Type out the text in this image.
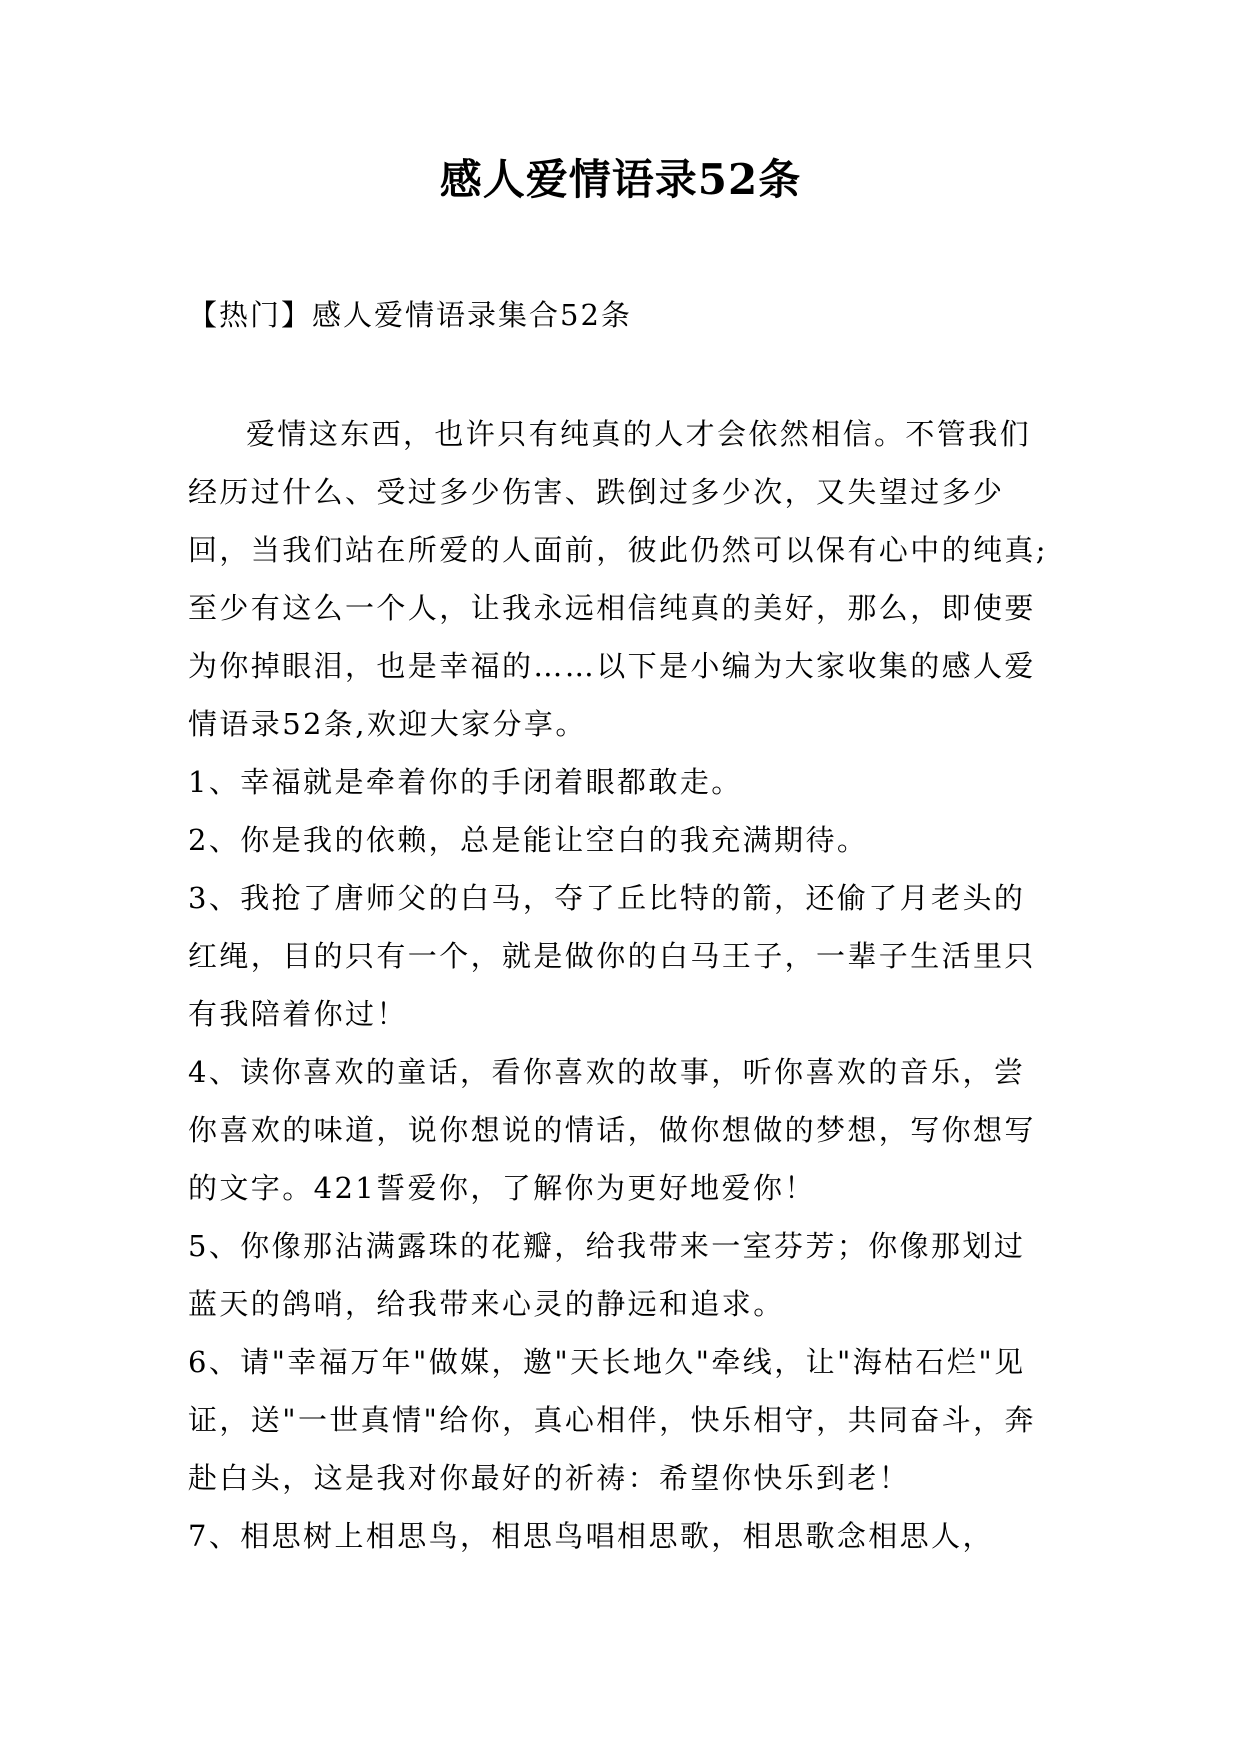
感人爱情语录52条

【热门】感人爱情语录集合52条

爱情这东西，也许只有纯真的人才会依然相信。不管我们经历过什么、受过多少伤害、跌倒过多少次，又失望过多少回，当我们站在所爱的人面前，彼此仍然可以保有心中的纯真;至少有这么一个人，让我永远相信纯真的美好，那么，即使要为你掉眼泪，也是幸福的……以下是小编为大家收集的感人爱情语录52条,欢迎大家分享。

1、幸福就是牵着你的手闭着眼都敢走。

2、你是我的依赖，总是能让空白的我充满期待。

3、我抢了唐师父的白马，夺了丘比特的箭，还偷了月老头的红绳，目的只有一个，就是做你的白马王子，一辈子生活里只有我陪着你过！

4、读你喜欢的童话，看你喜欢的故事，听你喜欢的音乐，尝你喜欢的味道，说你想说的情话，做你想做的梦想，写你想写的文字。421誓爱你，了解你为更好地爱你！

5、你像那沾满露珠的花瓣，给我带来一室芬芳；你像那划过蓝天的鸽哨，给我带来心灵的静远和追求。

6、请"幸福万年"做媒，邀"天长地久"牵线，让"海枯石烂"见证，送"一世真情"给你，真心相伴，快乐相守，共同奋斗，奔赴白头，这是我对你最好的祈祷：希望你快乐到老！

7、相思树上相思鸟，相思鸟唱相思歌，相思歌念相思人，
